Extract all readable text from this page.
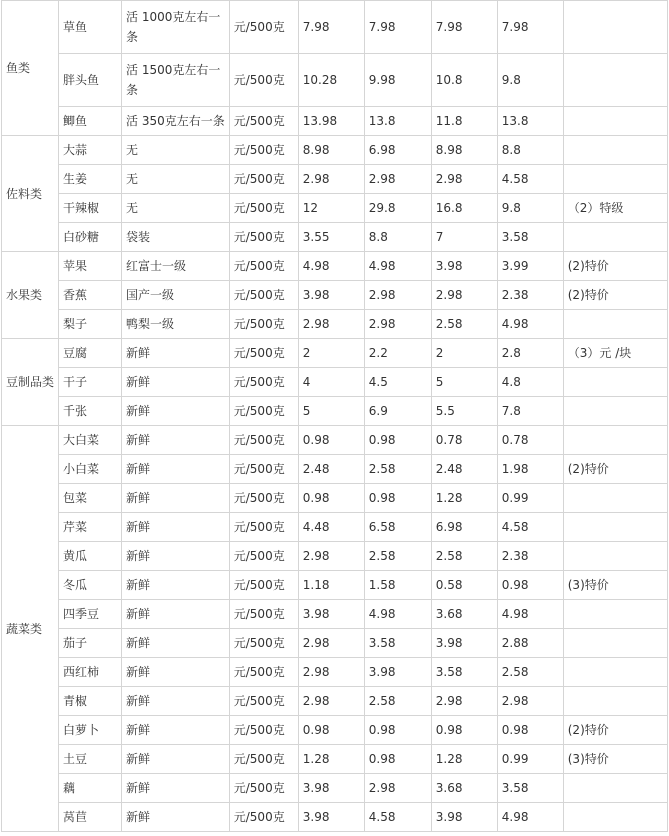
鱼类	草鱼	活 1000克左右一条	元/500克	7.98	7.98	7.98	7.98	
	胖头鱼	活 1500克左右一条	元/500克	10.28	9.98	10.8	9.8	
	鲫鱼	活 350克左右一条	元/500克	13.98	13.8	11.8	13.8	
佐料类	大蒜	无	元/500克	8.98	6.98	8.98	8.8	
	生姜	无	元/500克	2.98	2.98	2.98	4.58	
	干辣椒	无	元/500克	12	29.8	16.8	9.8	（2）特级
	白砂糖	袋装	元/500克	3.55	8.8	7	3.58	
水果类	苹果	红富士一级	元/500克	4.98	4.98	3.98	3.99	(2)特价
	香蕉	国产一级	元/500克	3.98	2.98	2.98	2.38	(2)特价
	梨子	鸭梨一级	元/500克	2.98	2.98	2.58	4.98	
豆制品类	豆腐	新鲜	元/500克	2	2.2	2	2.8	（3）元 /块
	干子	新鲜	元/500克	4	4.5	5	4.8	
	千张	新鲜	元/500克	5	6.9	5.5	7.8	
蔬菜类	大白菜	新鲜	元/500克	0.98	0.98	0.78	0.78	
	小白菜	新鲜	元/500克	2.48	2.58	2.48	1.98	(2)特价
	包菜	新鲜	元/500克	0.98	0.98	1.28	0.99	
	芹菜	新鲜	元/500克	4.48	6.58	6.98	4.58	
	黄瓜	新鲜	元/500克	2.98	2.58	2.58	2.38	
	冬瓜	新鲜	元/500克	1.18	1.58	0.58	0.98	(3)特价
	四季豆	新鲜	元/500克	3.98	4.98	3.68	4.98	
	茄子	新鲜	元/500克	2.98	3.58	3.98	2.88	
	西红柿	新鲜	元/500克	2.98	3.98	3.58	2.58	
	青椒	新鲜	元/500克	2.98	2.58	2.98	2.98	
	白萝卜	新鲜	元/500克	0.98	0.98	0.98	0.98	(2)特价
	土豆	新鲜	元/500克	1.28	0.98	1.28	0.99	(3)特价
	藕	新鲜	元/500克	3.98	2.98	3.68	3.58	
	莴苣	新鲜	元/500克	3.98	4.58	3.98	4.98	
